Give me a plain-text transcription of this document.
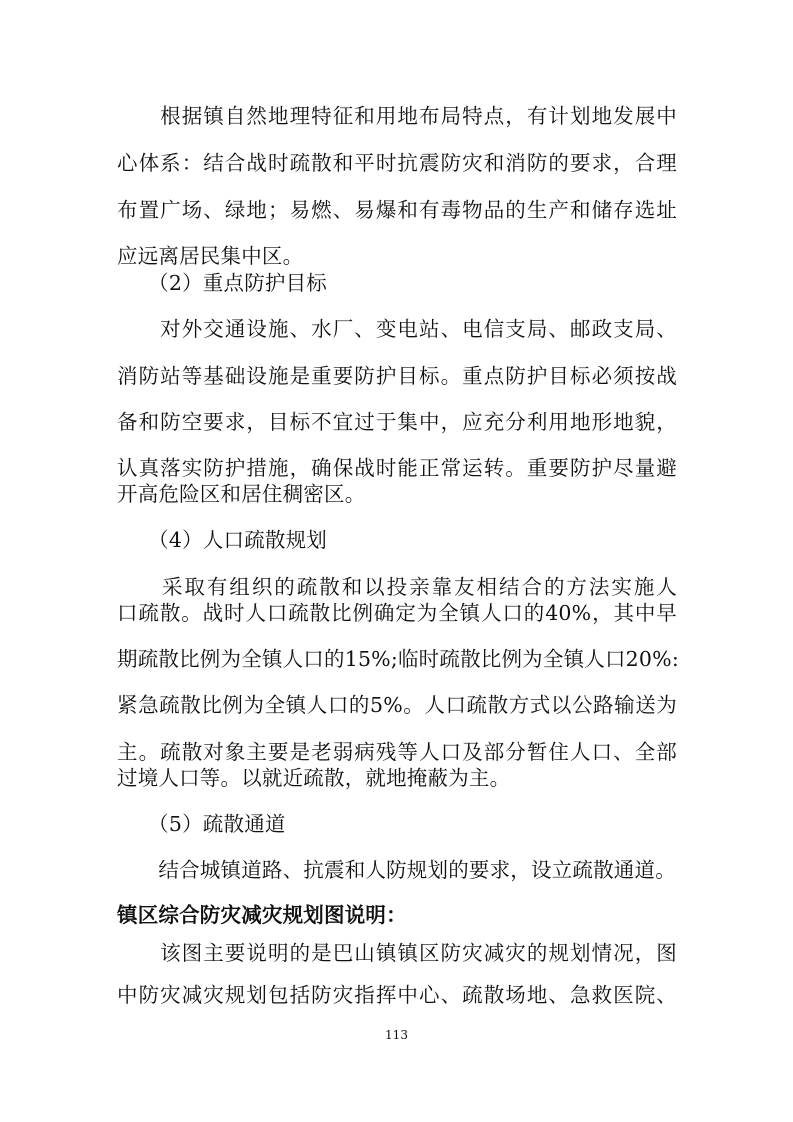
　　根据镇自然地理特征和用地布局特点，有计划地发展中
心体系：结合战时疏散和平时抗震防灾和消防的要求，合理
布置广场、绿地；易燃、易爆和有毒物品的生产和储存选址
应远离居民集中区。
　　（2）重点防护目标
　　对外交通设施、水厂、变电站、电信支局、邮政支局、
消防站等基础设施是重要防护目标。重点防护目标必须按战
备和防空要求，目标不宜过于集中，应充分利用地形地貌，
认真落实防护措施，确保战时能正常运转。重要防护尽量避
开高危险区和居住稠密区。
　　（4）人口疏散规划
　　采取有组织的疏散和以投亲靠友相结合的方法实施人
口疏散。战时人口疏散比例确定为全镇人口的40%，其中早
期疏散比例为全镇人口的15%;临时疏散比例为全镇人口20%:
紧急疏散比例为全镇人口的5%。人口疏散方式以公路输送为
主。疏散对象主要是老弱病残等人口及部分暂住人口、全部
过境人口等。以就近疏散，就地掩蔽为主。
　　（5）疏散通道
　　结合城镇道路、抗震和人防规划的要求，设立疏散通道。
镇区综合防灾减灾规划图说明：
　　该图主要说明的是巴山镇镇区防灾减灾的规划情况，图
中防灾减灾规划包括防灾指挥中心、疏散场地、急救医院、
113
